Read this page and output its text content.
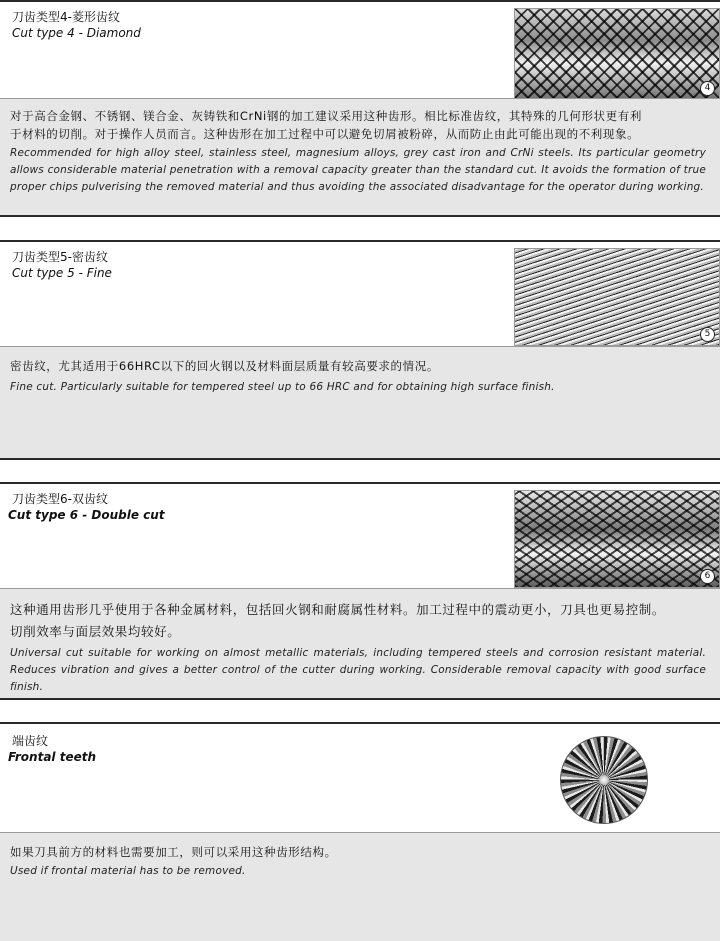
刀齿类型4-菱形齿纹
Cut type 4 - Diamond
4
对于高合金钢、不锈钢、镁合金、灰铸铁和CrNi钢的加工建议采用这种齿形。相比标准齿纹，其特殊的几何形状更有利
于材料的切削。对于操作人员而言。这种齿形在加工过程中可以避免切屑被粉碎，从而防止由此可能出现的不利现象。
Recommended for high alloy steel, stainless steel, magnesium alloys, grey cast iron and CrNi steels. Its particular geometry allows considerable material penetration with a removal capacity greater than the standard cut. It avoids the formation of true proper chips pulverising the removed material and thus avoiding the associated disadvantage for the operator during working.
刀齿类型5-密齿纹
Cut type 5 - Fine
5
密齿纹，尤其适用于66HRC以下的回火钢以及材料面层质量有较高要求的情况。
Fine cut. Particularly suitable for tempered steel up to 66 HRC and for obtaining high surface finish.
刀齿类型6-双齿纹
Cut type 6 - Double cut
6
这种通用齿形几乎使用于各种金属材料，包括回火钢和耐腐属性材料。加工过程中的震动更小，刀具也更易控制。
切削效率与面层效果均较好。
Universal cut suitable for working on almost metallic materials, including tempered steels and corrosion resistant material. Reduces vibration and gives a better control of the cutter during working. Considerable removal capacity with good surface finish.
端齿纹
Frontal teeth
如果刀具前方的材料也需要加工，则可以采用这种齿形结构。
Used if frontal material has to be removed.
